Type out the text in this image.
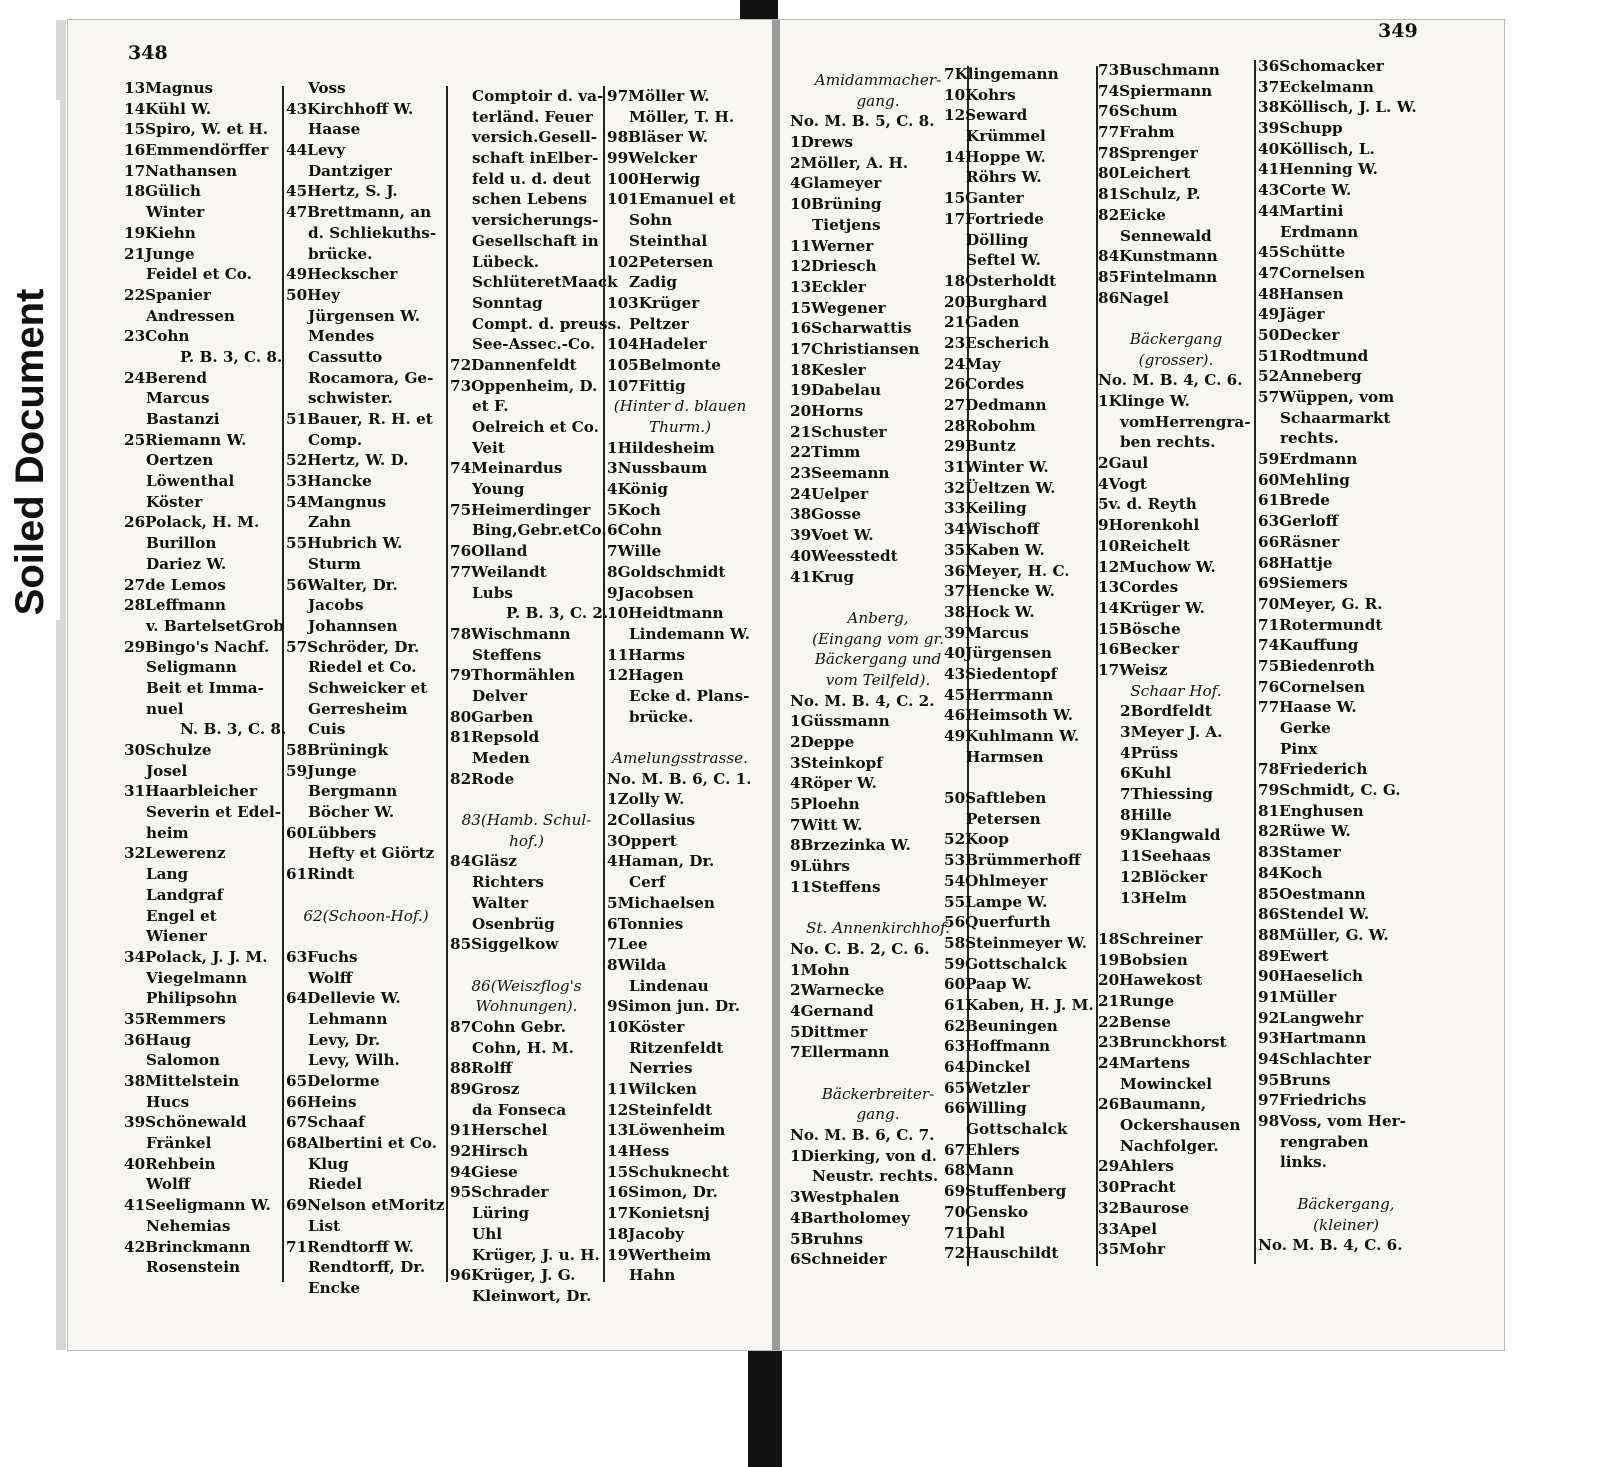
Soiled Document
348
349
13Magnus
14Kühl W.
15Spiro, W. et H.
16Emmendörffer
17Nathansen
18Gülich
Winter
19Kiehn
21Junge
Feidel et Co.
22Spanier
Andressen
23Cohn
P. B. 3, C. 8.
24Berend
Marcus
Bastanzi
25Riemann W.
Oertzen
Löwenthal
Köster
26Polack, H. M.
Burillon
Dariez W.
27de Lemos
28Leffmann
v. BartelsetGrob
29Bingo's Nachf.
Seligmann
Beit et Imma-
nuel
N. B. 3, C. 8.
30Schulze
Josel
31Haarbleicher
Severin et Edel-
heim
32Lewerenz
Lang
Landgraf
Engel et
Wiener
34Polack, J. J. M.
Viegelmann
Philipsohn
35Remmers
36Haug
Salomon
38Mittelstein
Hucs
39Schönewald
Fränkel
40Rehbein
Wolff
41Seeligmann W.
Nehemias
42Brinckmann
Rosenstein
Voss
43Kirchhoff W.
Haase
44Levy
Dantziger
45Hertz, S. J.
47Brettmann, an
d. Schliekuths-
brücke.
49Heckscher
50Hey
Jürgensen W.
Mendes
Cassutto
Rocamora, Ge-
schwister.
51Bauer, R. H. et
Comp.
52Hertz, W. D.
53Hancke
54Mangnus
Zahn
55Hubrich W.
Sturm
56Walter, Dr.
Jacobs
Johannsen
57Schröder, Dr.
Riedel et Co.
Schweicker et
Gerresheim
Cuis
58Brüningk
59Junge
Bergmann
Böcher W.
60Lübbers
Hefty et Giörtz
61Rindt
62(Schoon-Hof.)
63Fuchs
Wolff
64Dellevie W.
Lehmann
Levy, Dr.
Levy, Wilh.
65Delorme
66Heins
67Schaaf
68Albertini et Co.
Klug
Riedel
69Nelson etMoritz
List
71Rendtorff W.
Rendtorff, Dr.
Encke
Comptoir d. va-
terländ. Feuer
versich.Gesell-
schaft inElber-
feld u. d. deut
schen Lebens
versicherungs-
Gesellschaft in
Lübeck.
SchlüteretMaack
Sonntag
Compt. d. preuss.
See-Assec.-Co.
72Dannenfeldt
73Oppenheim, D.
et F.
Oelreich et Co.
Veit
74Meinardus
Young
75Heimerdinger
Bing,Gebr.etCo.
76Olland
77Weilandt
Lubs
P. B. 3, C. 2.
78Wischmann
Steffens
79Thormählen
Delver
80Garben
81Repsold
Meden
82Rode
83(Hamb. Schul-
hof.)
84Gläsz
Richters
Walter
Osenbrüg
85Siggelkow
86(Weiszflog's
Wohnungen).
87Cohn Gebr.
Cohn, H. M.
88Rolff
89Grosz
da Fonseca
91Herschel
92Hirsch
94Giese
95Schrader
Lüring
Uhl
Krüger, J. u. H.
96Krüger, J. G.
Kleinwort, Dr.
97Möller W.
Möller, T. H.
98Bläser W.
99Welcker
100Herwig
101Emanuel et
Sohn
Steinthal
102Petersen
Zadig
103Krüger
Peltzer
104Hadeler
105Belmonte
107Fittig
(Hinter d. blauen
Thurm.)
1Hildesheim
3Nussbaum
4König
5Koch
6Cohn
7Wille
8Goldschmidt
9Jacobsen
10Heidtmann
Lindemann W.
11Harms
12Hagen
Ecke d. Plans-
brücke.
Amelungsstrasse.
No. M. B. 6, C. 1.
1Zolly W.
2Collasius
3Oppert
4Haman, Dr.
Cerf
5Michaelsen
6Tonnies
7Lee
8Wilda
Lindenau
9Simon jun. Dr.
10Köster
Ritzenfeldt
Nerries
11Wilcken
12Steinfeldt
13Löwenheim
14Hess
15Schuknecht
16Simon, Dr.
17Konietsnj
18Jacoby
19Wertheim
Hahn
Amidammacher-
gang.
No. M. B. 5, C. 8.
1Drews
2Möller, A. H.
4Glameyer
10Brüning
Tietjens
11Werner
12Driesch
13Eckler
15Wegener
16Scharwattis
17Christiansen
18Kesler
19Dabelau
20Horns
21Schuster
22Timm
23Seemann
24Uelper
38Gosse
39Voet W.
40Weesstedt
41Krug
Anberg,
(Eingang vom gr.
Bäckergang und
vom Teilfeld).
No. M. B. 4, C. 2.
1Güssmann
2Deppe
3Steinkopf
4Röper W.
5Ploehn
7Witt W.
8Brzezinka W.
9Lührs
11Steffens
St. Annenkirchhof.
No. C. B. 2, C. 6.
1Mohn
2Warnecke
4Gernand
5Dittmer
7Ellermann
Bäckerbreiter-
gang.
No. M. B. 6, C. 7.
1Dierking, von d.
Neustr. rechts.
3Westphalen
4Bartholomey
5Bruhns
6Schneider
7Klingemann
10Kohrs
12Seward
Krümmel
14Hoppe W.
Röhrs W.
15Ganter
17Fortriede
Dölling
Seftel W.
18Osterholdt
20Burghard
21Gaden
23Escherich
24May
26Cordes
27Dedmann
28Robohm
29Buntz
31Winter W.
32Üeltzen W.
33Keiling
34Wischoff
35Kaben W.
36Meyer, H. C.
37Hencke W.
38Hock W.
39Marcus
40Jürgensen
43Siedentopf
45Herrmann
46Heimsoth W.
49Kuhlmann W.
Harmsen
50Saftleben
Petersen
52Koop
53Brümmerhoff
54Ohlmeyer
55Lampe W.
56Querfurth
58Steinmeyer W.
59Gottschalck
60Paap W.
61Kaben, H. J. M.
62Beuningen
63Hoffmann
64Dinckel
65Wetzler
66Willing
Gottschalck
67Ehlers
68Mann
69Stuffenberg
70Gensko
71Dahl
72Hauschildt
73Buschmann
74Spiermann
76Schum
77Frahm
78Sprenger
80Leichert
81Schulz, P.
82Eicke
Sennewald
84Kunstmann
85Fintelmann
86Nagel
Bäckergang
(grosser).
No. M. B. 4, C. 6.
1Klinge W.
vomHerrengra-
ben rechts.
2Gaul
4Vogt
5v. d. Reyth
9Horenkohl
10Reichelt
12Muchow W.
13Cordes
14Krüger W.
15Bösche
16Becker
17Weisz
Schaar Hof.
2Bordfeldt
3Meyer J. A.
4Prüss
6Kuhl
7Thiessing
8Hille
9Klangwald
11Seehaas
12Blöcker
13Helm
18Schreiner
19Bobsien
20Hawekost
21Runge
22Bense
23Brunckhorst
24Martens
Mowinckel
26Baumann,
Ockershausen
Nachfolger.
29Ahlers
30Pracht
32Baurose
33Apel
35Mohr
36Schomacker
37Eckelmann
38Köllisch, J. L. W.
39Schupp
40Köllisch, L.
41Henning W.
43Corte W.
44Martini
Erdmann
45Schütte
47Cornelsen
48Hansen
49Jäger
50Decker
51Rodtmund
52Anneberg
57Wüppen, vom
Schaarmarkt
rechts.
59Erdmann
60Mehling
61Brede
63Gerloff
66Räsner
68Hattje
69Siemers
70Meyer, G. R.
71Rotermundt
74Kauffung
75Biedenroth
76Cornelsen
77Haase W.
Gerke
Pinx
78Friederich
79Schmidt, C. G.
81Enghusen
82Rüwe W.
83Stamer
84Koch
85Oestmann
86Stendel W.
88Müller, G. W.
89Ewert
90Haeselich
91Müller
92Langwehr
93Hartmann
94Schlachter
95Bruns
97Friedrichs
98Voss, vom Her-
rengraben
links.
Bäckergang,
(kleiner)
No. M. B. 4, C. 6.
